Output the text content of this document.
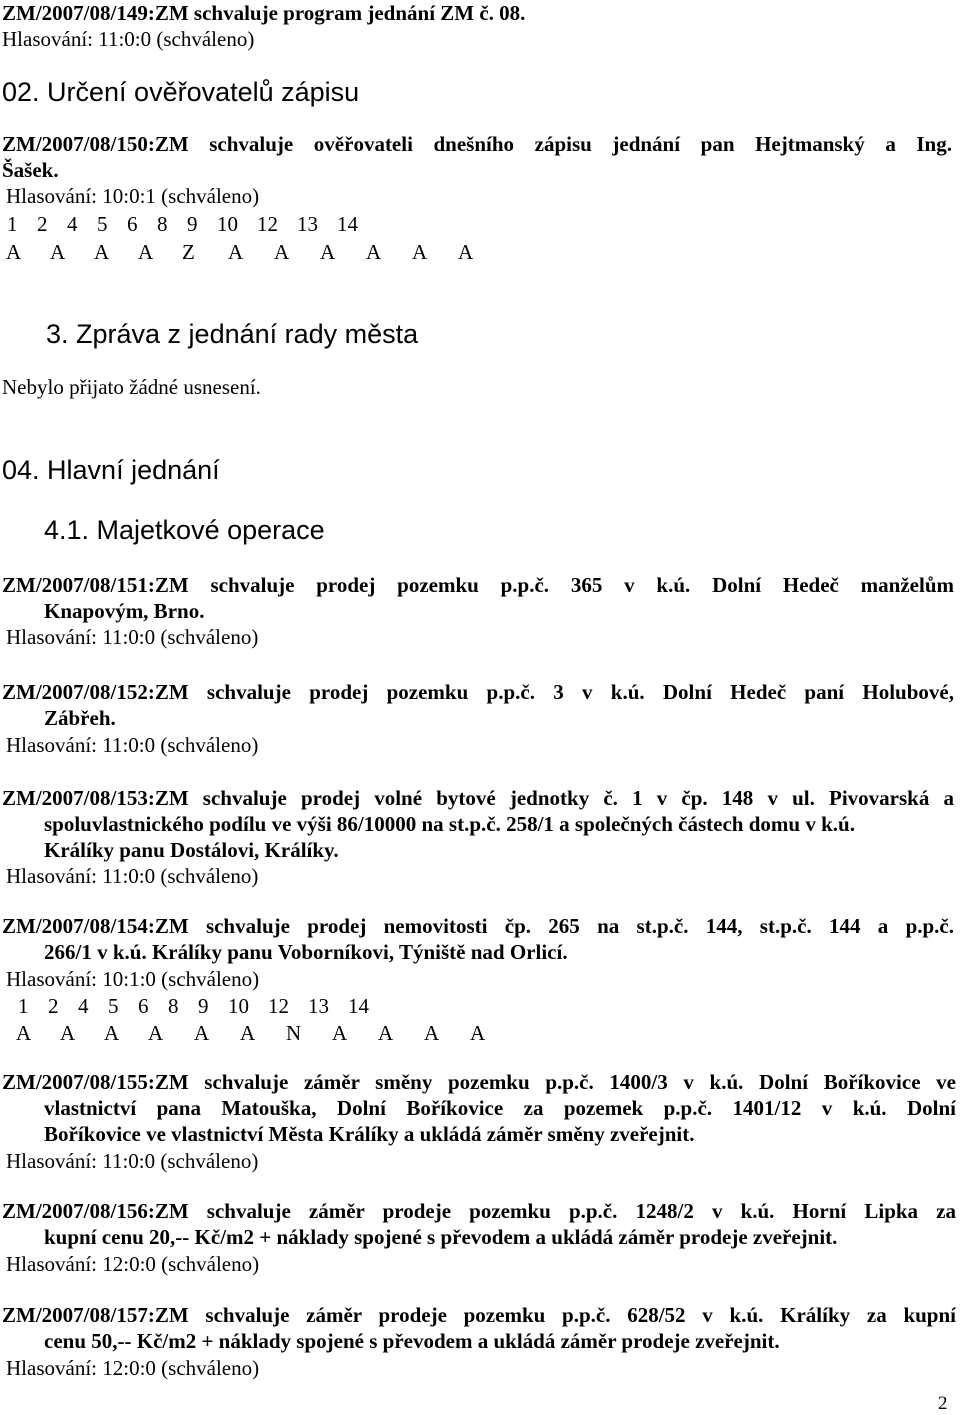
ZM/2007/08/149:ZM schvaluje program jednání ZM č. 08.
Hlasování: 11:0:0 (schváleno)
02. Určení ověřovatelů zápisu
ZM/2007/08/150:ZM schvaluje ověřovateli dnešního zápisu jednání pan Hejtmanský a Ing.
Šašek.
Hlasování: 10:0:1 (schváleno)
1 2 4 5 6 8 9 10 12 13 14
A	A	A	A	Z	A	A	A	A	A	A
3. Zpráva z jednání rady města
Nebylo přijato žádné usnesení.
04. Hlavní jednání
4.1. Majetkové operace
ZM/2007/08/151:ZM schvaluje prodej pozemku p.p.č. 365 v k.ú. Dolní Hedeč manželům
Knapovým, Brno.
Hlasování: 11:0:0 (schváleno)
ZM/2007/08/152:ZM schvaluje prodej pozemku p.p.č. 3 v k.ú. Dolní Hedeč paní Holubové,
Zábřeh.
Hlasování: 11:0:0 (schváleno)
ZM/2007/08/153:ZM schvaluje prodej volné bytové jednotky č. 1 v čp. 148 v ul. Pivovarská a
spoluvlastnického podílu ve výši 86/10000 na st.p.č. 258/1 a společných částech domu v k.ú.
Králíky panu Dostálovi, Králíky.
Hlasování: 11:0:0 (schváleno)
ZM/2007/08/154:ZM schvaluje prodej nemovitosti čp. 265 na st.p.č. 144, st.p.č. 144 a p.p.č.
266/1 v k.ú. Králíky panu Voborníkovi, Týniště nad Orlicí.
Hlasování: 10:1:0 (schváleno)
1 2 4 5 6 8 9 10 12 13 14
A	A	A	A	A	A	N	A	A	A	A
ZM/2007/08/155:ZM schvaluje záměr směny pozemku p.p.č. 1400/3 v k.ú. Dolní Boříkovice ve
vlastnictví pana Matouška, Dolní Boříkovice za pozemek p.p.č. 1401/12 v k.ú. Dolní
Boříkovice ve vlastnictví Města Králíky a ukládá záměr směny zveřejnit.
Hlasování: 11:0:0 (schváleno)
ZM/2007/08/156:ZM schvaluje záměr prodeje pozemku p.p.č. 1248/2 v k.ú. Horní Lipka za
kupní cenu 20,-- Kč/m2 + náklady spojené s převodem a ukládá záměr prodeje zveřejnit.
Hlasování: 12:0:0 (schváleno)
ZM/2007/08/157:ZM schvaluje záměr prodeje pozemku p.p.č. 628/52 v k.ú. Králíky za kupní
cenu 50,-- Kč/m2 + náklady spojené s převodem a ukládá záměr prodeje zveřejnit.
Hlasování: 12:0:0 (schváleno)
2
